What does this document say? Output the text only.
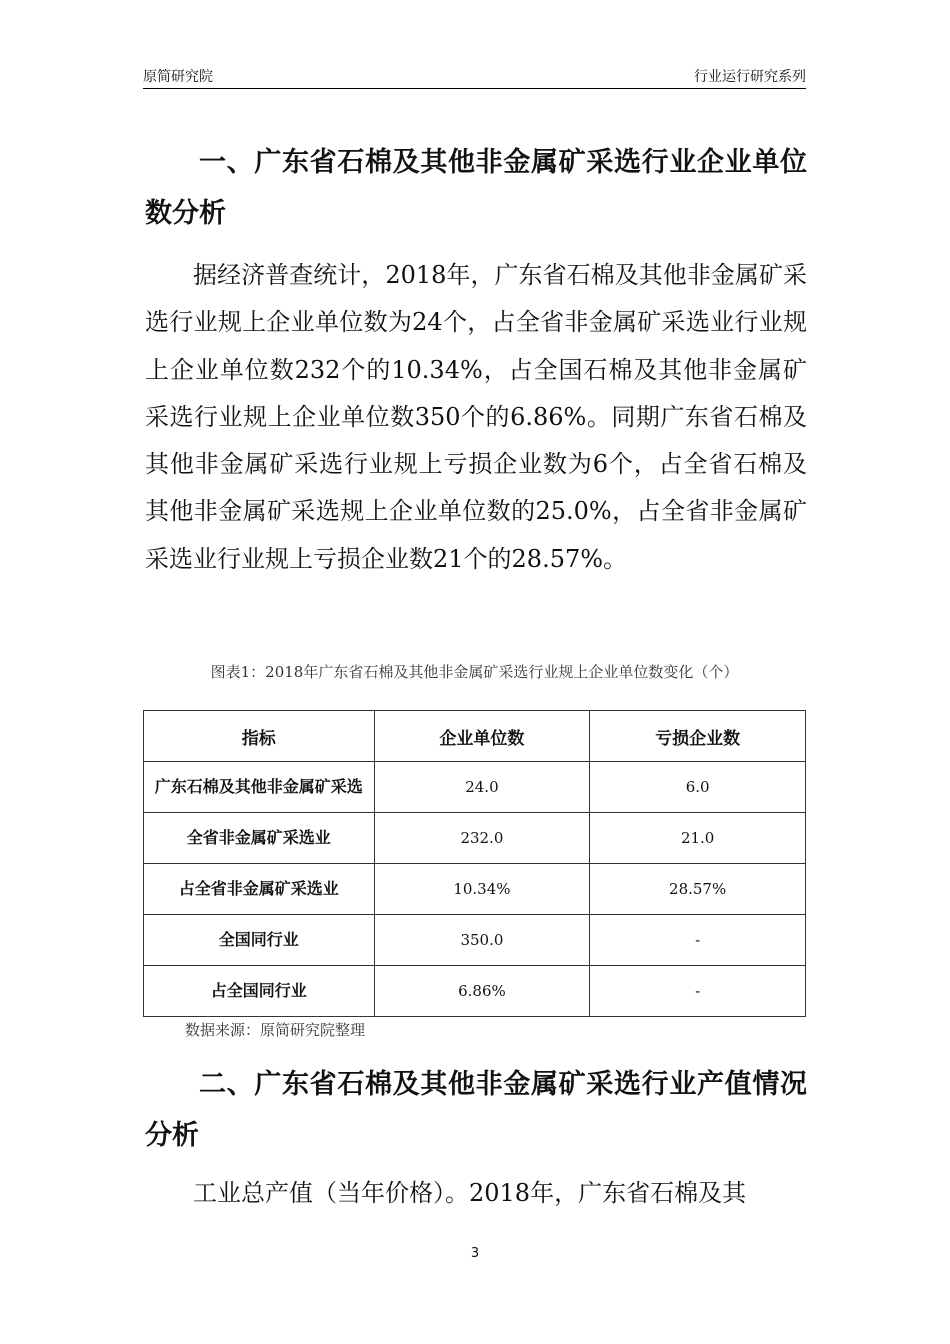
原简研究院	行业运行研究系列
一、广东省石棉及其他非金属矿采选行业企业单位数分析
据经济普查统计，2018年，广东省石棉及其他非金属矿采选行业规上企业单位数为24个，占全省非金属矿采选业行业规上企业单位数232个的10.34%，占全国石棉及其他非金属矿采选行业规上企业单位数350个的6.86%。同期广东省石棉及其他非金属矿采选行业规上亏损企业数为6个，占全省石棉及其他非金属矿采选规上企业单位数的25.0%，占全省非金属矿采选业行业规上亏损企业数21个的28.57%。
图表1：2018年广东省石棉及其他非金属矿采选行业规上企业单位数变化（个）
指标	企业单位数	亏损企业数
广东石棉及其他非金属矿采选	24.0	6.0
全省非金属矿采选业	232.0	21.0
占全省非金属矿采选业	10.34%	28.57%
全国同行业	350.0	-
占全国同行业	6.86%	-
数据来源：原简研究院整理
二、广东省石棉及其他非金属矿采选行业产值情况分析
工业总产值（当年价格）。2018年，广东省石棉及其
3
